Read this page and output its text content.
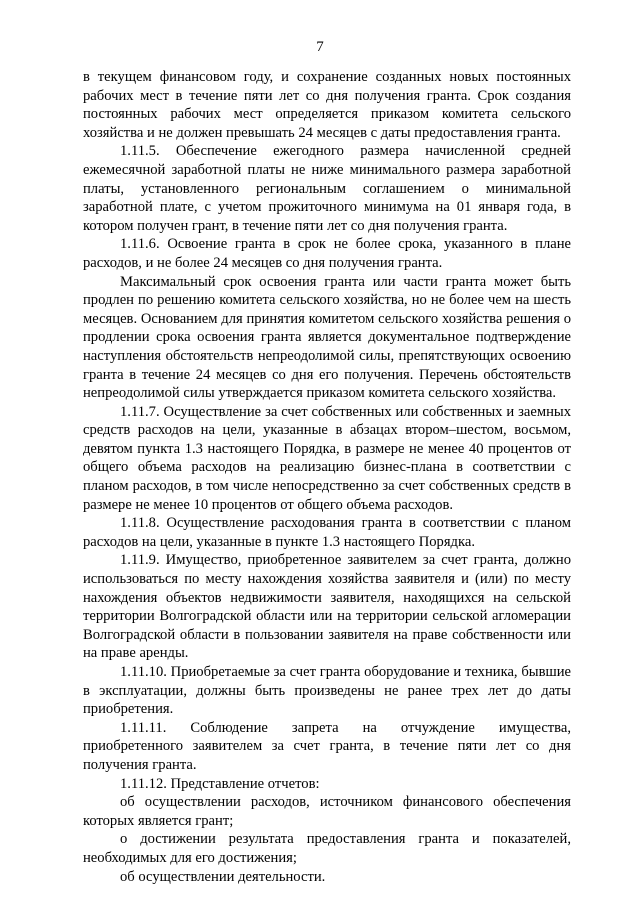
7

в текущем финансовом году, и сохранение созданных новых постоянных рабочих мест в течение пяти лет со дня получения гранта. Срок создания постоянных рабочих мест определяется приказом комитета сельского хозяйства и не должен превышать 24 месяцев с даты предоставления гранта.

1.11.5. Обеспечение ежегодного размера начисленной средней ежемесячной заработной платы не ниже минимального размера заработной платы, установленного региональным соглашением о минимальной заработной плате, с учетом прожиточного минимума на 01 января года, в котором получен грант, в течение пяти лет со дня получения гранта.

1.11.6. Освоение гранта в срок не более срока, указанного в плане расходов, и не более 24 месяцев со дня получения гранта.

Максимальный срок освоения гранта или части гранта может быть продлен по решению комитета сельского хозяйства, но не более чем на шесть месяцев. Основанием для принятия комитетом сельского хозяйства решения о продлении срока освоения гранта является документальное подтверждение наступления обстоятельств непреодолимой силы, препятствующих освоению гранта в течение 24 месяцев со дня его получения. Перечень обстоятельств непреодолимой силы утверждается приказом комитета сельского хозяйства.

1.11.7. Осуществление за счет собственных или собственных и заемных средств расходов на цели, указанные в абзацах втором–шестом, восьмом, девятом пункта 1.3 настоящего Порядка, в размере не менее 40 процентов от общего объема расходов на реализацию бизнес-плана в соответствии с планом расходов, в том числе непосредственно за счет собственных средств в размере не менее 10 процентов от общего объема расходов.

1.11.8. Осуществление расходования гранта в соответствии с планом расходов на цели, указанные в пункте 1.3 настоящего Порядка.

1.11.9. Имущество, приобретенное заявителем за счет гранта, должно использоваться по месту нахождения хозяйства заявителя и (или) по месту нахождения объектов недвижимости заявителя, находящихся на сельской территории Волгоградской области или на территории сельской агломерации Волгоградской области в пользовании заявителя на праве собственности или на праве аренды.

1.11.10. Приобретаемые за счет гранта оборудование и техника, бывшие в эксплуатации, должны быть произведены не ранее трех лет до даты приобретения.

1.11.11. Соблюдение запрета на отчуждение имущества, приобретенного заявителем за счет гранта, в течение пяти лет со дня получения гранта.

1.11.12. Представление отчетов:

об осуществлении расходов, источником финансового обеспечения которых является грант;

о достижении результата предоставления гранта и показателей, необходимых для его достижения;

об осуществлении деятельности.
